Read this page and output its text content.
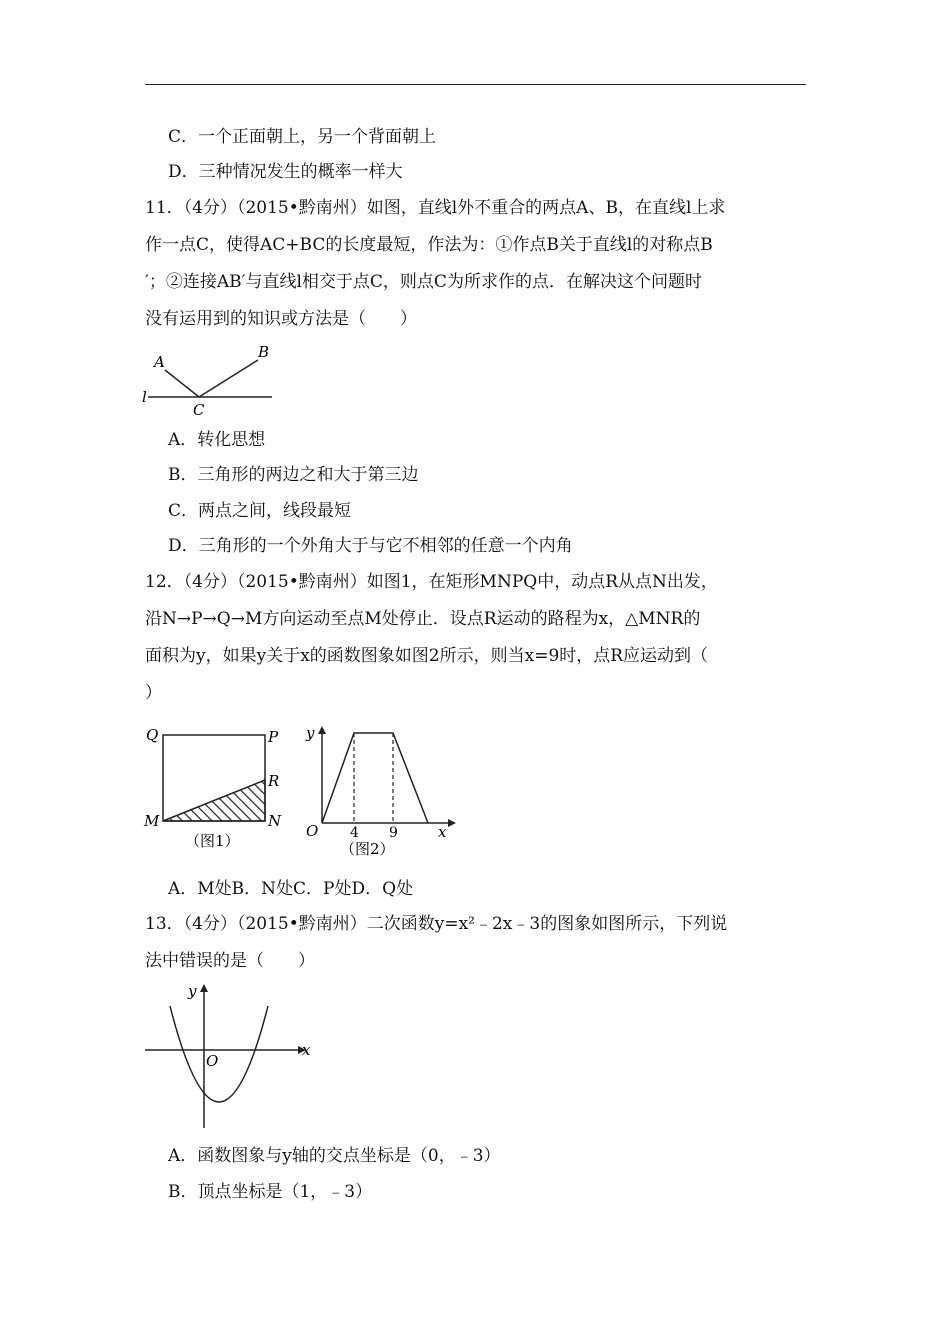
C．一个正面朝上，另一个背面朝上
D．三种情况发生的概率一样大
11．（4分）（2015•黔南州）如图，直线l外不重合的两点A、B，在直线l上求
作一点C，使得AC+BC的长度最短，作法为：①作点B关于直线l的对称点B
′；②连接AB′与直线l相交于点C，则点C为所求作的点．在解决这个问题时
没有运用到的知识或方法是（　　）
A
B
C
l
A．转化思想
B．三角形的两边之和大于第三边
C．两点之间，线段最短
D．三角形的一个外角大于与它不相邻的任意一个内角
12．（4分）（2015•黔南州）如图1，在矩形MNPQ中，动点R从点N出发，
沿N→P→Q→M方向运动至点M处停止．设点R运动的路程为x，△MNR的
面积为y，如果y关于x的函数图象如图2所示，则当x=9时，点R应运动到（
）
Q	P
R
M	N
（图1）
y
x
O 4 9
（图2）
A．M处B．N处C．P处D．Q处
13．（4分）（2015•黔南州）二次函数y=x²﹣2x﹣3的图象如图所示，下列说
法中错误的是（　　）
y
x
O
A．函数图象与y轴的交点坐标是（0，﹣3）
B．顶点坐标是（1，﹣3）
